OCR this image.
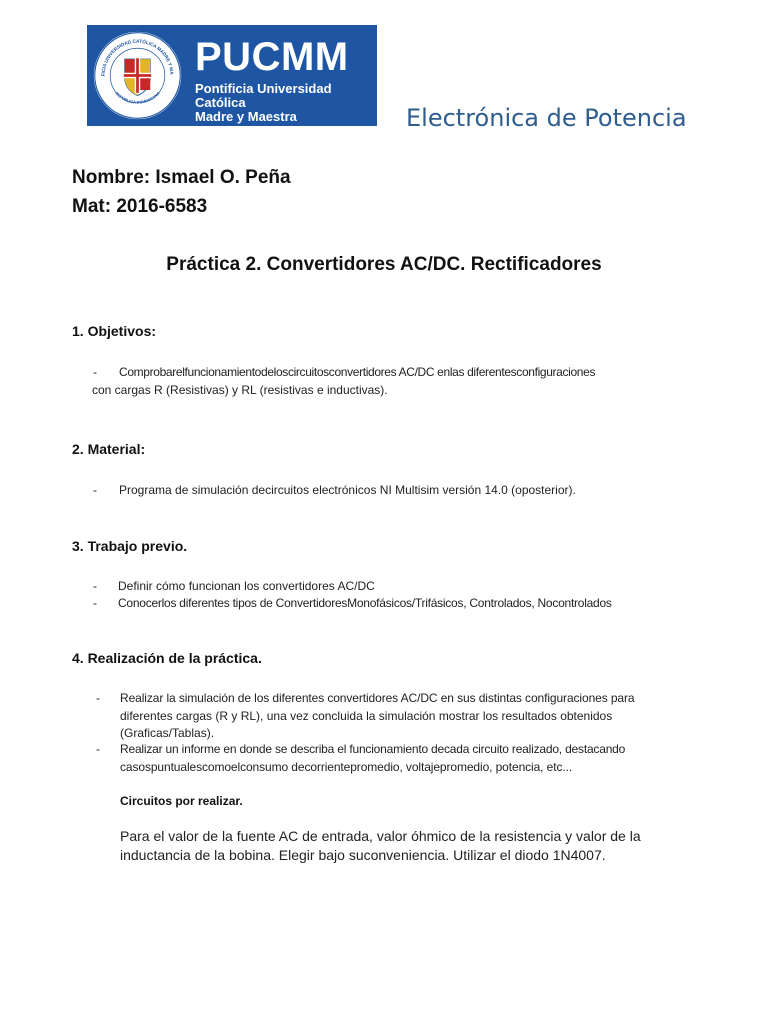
FICIA UNIVERSIDAD CATÓLICA MADRE Y MA
REPÚBLICA DOMINICANA
PUCMM
Pontificia Universidad Católica
Madre y Maestra	Electrónica de Potencia
Nombre: Ismael O. Peña
Mat: 2016-6583
Práctica 2. Convertidores AC/DC. Rectificadores
1. Objetivos:
- Comprobarelfuncionamientodeloscircuitosconvertidores AC/DC enlas diferentesconfiguraciones
con cargas R (Resistivas) y RL (resistivas e inductivas).
2. Material:
- Programa de simulación decircuitos electrónicos NI Multisim versión 14.0 (oposterior).
3. Trabajo previo.
- Definir cómo funcionan los convertidores AC/DC
- Conocerlos diferentes tipos de ConvertidoresMonofásicos/Trifásicos, Controlados, Nocontrolados
4. Realización de la práctica.
- Realizar la simulación de los diferentes convertidores AC/DC en sus distintas configuraciones para
diferentes cargas (R y RL), una vez concluida la simulación mostrar los resultados obtenidos
(Graficas/Tablas).
- Realizar un informe en donde se describa el funcionamiento decada circuito realizado, destacando
casospuntualescomoelconsumo decorrientepromedio, voltajepromedio, potencia, etc...
Circuitos por realizar.
Para el valor de la fuente AC de entrada, valor óhmico de la resistencia y valor de la
inductancia de la bobina. Elegir bajo suconveniencia. Utilizar el diodo 1N4007.
